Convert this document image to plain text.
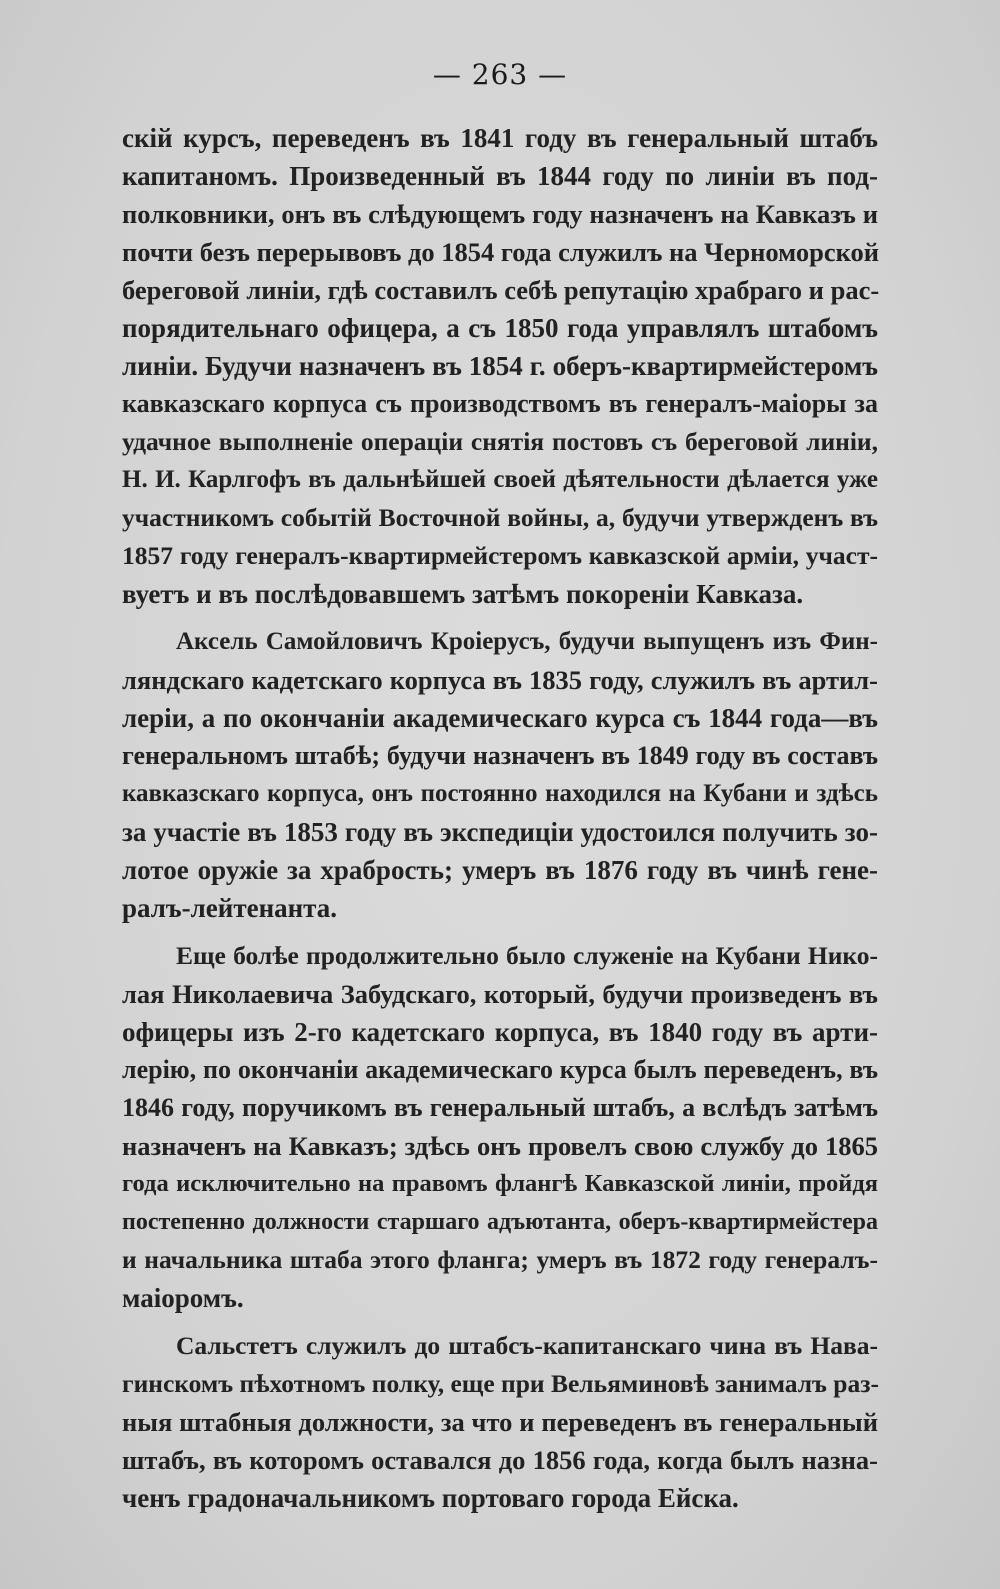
— 263 —
скій курсъ, переведенъ въ 1841 году въ генеральный штабъ
капитаномъ. Произведенный въ 1844 году по линіи въ под-
полковники, онъ въ слѣдующемъ году назначенъ на Кавказъ и
почти безъ перерывовъ до 1854 года служилъ на Черноморской
береговой линіи, гдѣ составилъ себѣ репутацію храбраго и рас-
порядительнаго офицера, а съ 1850 года управлялъ штабомъ
линіи. Будучи назначенъ въ 1854 г. оберъ-квартирмейстеромъ
кавказскаго корпуса съ производствомъ въ генералъ-маіоры за
удачное выполненіе операціи снятія постовъ съ береговой линіи,
Н. И. Карлгофъ въ дальнѣйшей своей дѣятельности дѣлается уже
участникомъ событій Восточной войны, а, будучи утвержденъ въ
1857 году генералъ-квартирмейстеромъ кавказской арміи, участ-
вуетъ и въ послѣдовавшемъ затѣмъ покореніи Кавказа.
Аксель Самойловичъ Кроіерусъ, будучи выпущенъ изъ Фин-
ляндскаго кадетскаго корпуса въ 1835 году, служилъ въ артил-
леріи, а по окончаніи академическаго курса съ 1844 года—въ
генеральномъ штабѣ; будучи назначенъ въ 1849 году въ составъ
кавказскаго корпуса, онъ постоянно находился на Кубани и здѣсь
за участіе въ 1853 году въ экспедиціи удостоился получить зо-
лотое оружіе за храбрость; умеръ въ 1876 году въ чинѣ гене-
ралъ-лейтенанта.
Еще болѣе продолжительно было служеніе на Кубани Нико-
лая Николаевича Забудскаго, который, будучи произведенъ въ
офицеры изъ 2-го кадетскаго корпуса, въ 1840 году въ арти-
лерію, по окончаніи академическаго курса былъ переведенъ, въ
1846 году, поручикомъ въ генеральный штабъ, а вслѣдъ затѣмъ
назначенъ на Кавказъ; здѣсь онъ провелъ свою службу до 1865
года исключительно на правомъ флангѣ Кавказской линіи, пройдя
постепенно должности старшаго адъютанта, оберъ-квартирмейстера
и начальника штаба этого фланга; умеръ въ 1872 году генералъ-
маіоромъ.
Сальстетъ служилъ до штабсъ-капитанскаго чина въ Нава-
гинскомъ пѣхотномъ полку, еще при Вельяминовѣ занималъ раз-
ныя штабныя должности, за что и переведенъ въ генеральный
штабъ, въ которомъ оставался до 1856 года, когда былъ назна-
ченъ градоначальникомъ портоваго города Ейска.
